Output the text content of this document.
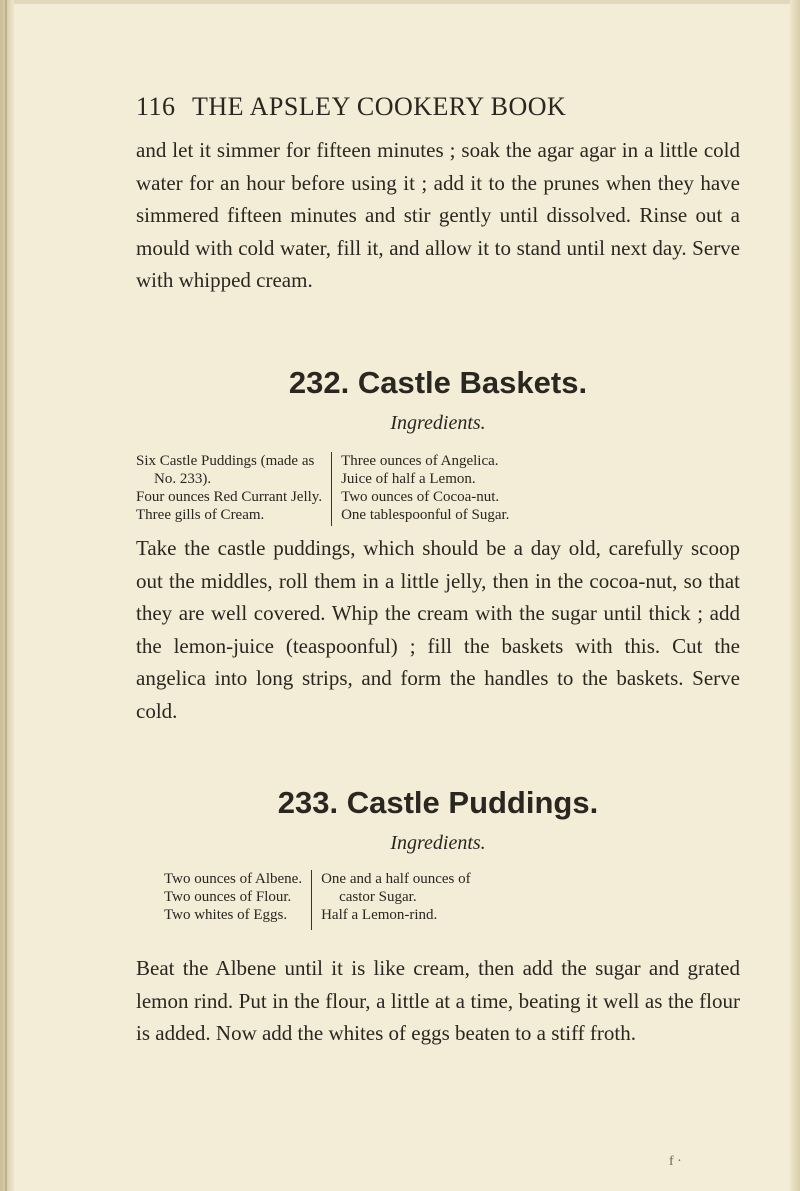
116 THE APSLEY COOKERY BOOK

and let it simmer for fifteen minutes ; soak the agar agar in a little cold water for an hour before using it ; add it to the prunes when they have simmered fifteen minutes and stir gently until dissolved. Rinse out a mould with cold water, fill it, and allow it to stand until next day. Serve with whipped cream.

232. Castle Baskets.
Ingredients.
Six Castle Puddings (made as
No. 233).
Four ounces Red Currant Jelly.
Three gills of Cream.
Three ounces of Angelica.
Juice of half a Lemon.
Two ounces of Cocoa-nut.
One tablespoonful of Sugar.

Take the castle puddings, which should be a day old, carefully scoop out the middles, roll them in a little jelly, then in the cocoa-nut, so that they are well covered. Whip the cream with the sugar until thick ; add the lemon-juice (teaspoonful) ; fill the baskets with this. Cut the angelica into long strips, and form the handles to the baskets. Serve cold.

233. Castle Puddings.
Ingredients.
Two ounces of Albene.
Two ounces of Flour.
Two whites of Eggs.
One and a half ounces of
castor Sugar.
Half a Lemon-rind.

Beat the Albene until it is like cream, then add the sugar and grated lemon rind. Put in the flour, a little at a time, beating it well as the flour is added. Now add the whites of eggs beaten to a stiff froth.

f ·
